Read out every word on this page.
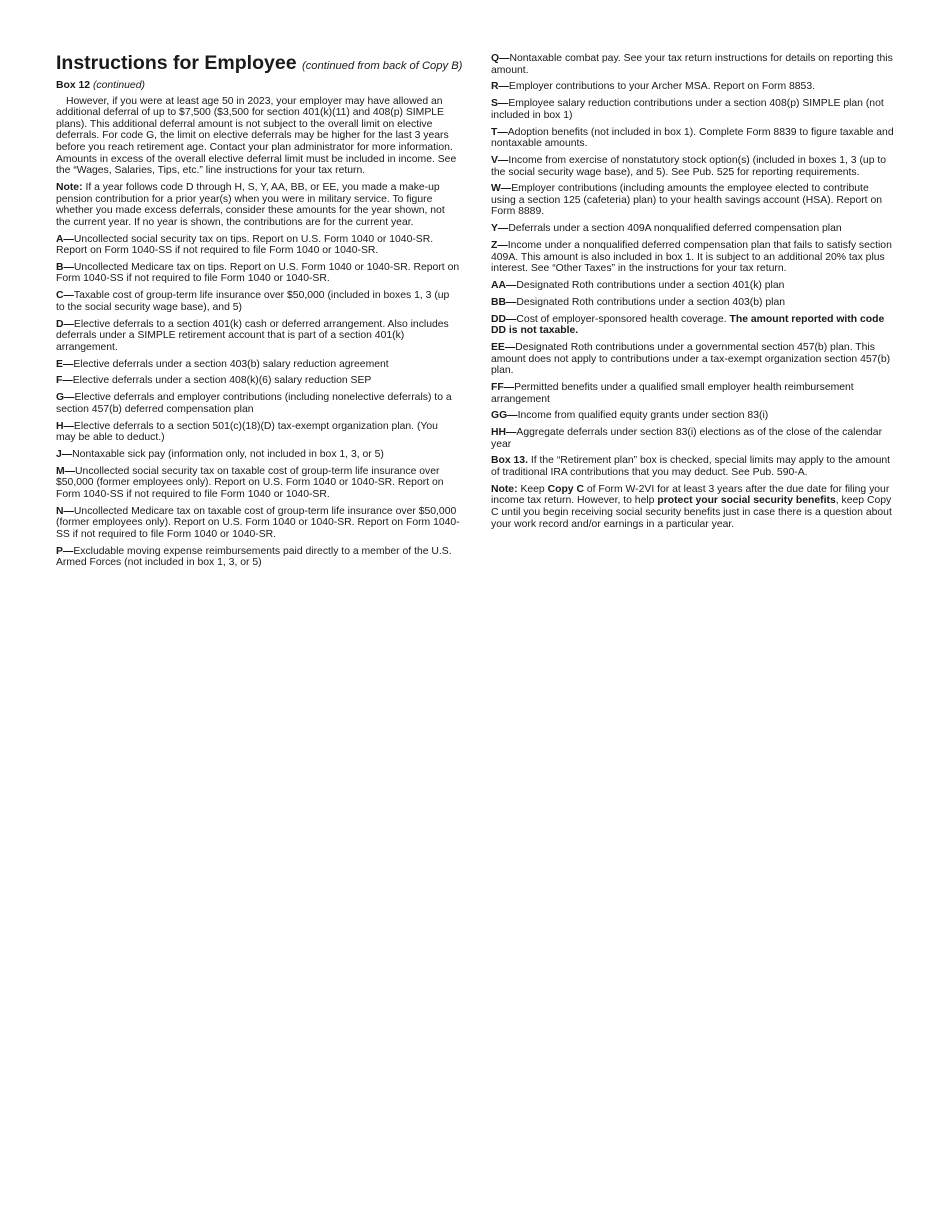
Instructions for Employee (continued from back of Copy B)
Box 12 (continued)

However, if you were at least age 50 in 2023, your employer may have allowed an additional deferral of up to $7,500 ($3,500 for section 401(k)(11) and 408(p) SIMPLE plans). This additional deferral amount is not subject to the overall limit on elective deferrals. For code G, the limit on elective deferrals may be higher for the last 3 years before you reach retirement age. Contact your plan administrator for more information. Amounts in excess of the overall elective deferral limit must be included in income. See the “Wages, Salaries, Tips, etc.” line instructions for your tax return.

Note: If a year follows code D through H, S, Y, AA, BB, or EE, you made a make-up pension contribution for a prior year(s) when you were in military service. To figure whether you made excess deferrals, consider these amounts for the year shown, not the current year. If no year is shown, the contributions are for the current year.

A—Uncollected social security tax on tips. Report on U.S. Form 1040 or 1040-SR. Report on Form 1040-SS if not required to file Form 1040 or 1040-SR.

B—Uncollected Medicare tax on tips. Report on U.S. Form 1040 or 1040-SR. Report on Form 1040-SS if not required to file Form 1040 or 1040-SR.

C—Taxable cost of group-term life insurance over $50,000 (included in boxes 1, 3 (up to the social security wage base), and 5)

D—Elective deferrals to a section 401(k) cash or deferred arrangement. Also includes deferrals under a SIMPLE retirement account that is part of a section 401(k) arrangement.

E—Elective deferrals under a section 403(b) salary reduction agreement

F—Elective deferrals under a section 408(k)(6) salary reduction SEP

G—Elective deferrals and employer contributions (including nonelective deferrals) to a section 457(b) deferred compensation plan

H—Elective deferrals to a section 501(c)(18)(D) tax-exempt organization plan. (You may be able to deduct.)

J—Nontaxable sick pay (information only, not included in box 1, 3, or 5)

M—Uncollected social security tax on taxable cost of group-term life insurance over $50,000 (former employees only). Report on U.S. Form 1040 or 1040-SR. Report on Form 1040-SS if not required to file Form 1040 or 1040-SR.

N—Uncollected Medicare tax on taxable cost of group-term life insurance over $50,000 (former employees only). Report on U.S. Form 1040 or 1040-SR. Report on Form 1040-SS if not required to file Form 1040 or 1040-SR.

P—Excludable moving expense reimbursements paid directly to a member of the U.S. Armed Forces (not included in box 1, 3, or 5)

Q—Nontaxable combat pay. See your tax return instructions for details on reporting this amount.

R—Employer contributions to your Archer MSA. Report on Form 8853.

S—Employee salary reduction contributions under a section 408(p) SIMPLE plan (not included in box 1)

T—Adoption benefits (not included in box 1). Complete Form 8839 to figure taxable and nontaxable amounts.

V—Income from exercise of nonstatutory stock option(s) (included in boxes 1, 3 (up to the social security wage base), and 5). See Pub. 525 for reporting requirements.

W—Employer contributions (including amounts the employee elected to contribute using a section 125 (cafeteria) plan) to your health savings account (HSA). Report on Form 8889.

Y—Deferrals under a section 409A nonqualified deferred compensation plan

Z—Income under a nonqualified deferred compensation plan that fails to satisfy section 409A. This amount is also included in box 1. It is subject to an additional 20% tax plus interest. See “Other Taxes” in the instructions for your tax return.

AA—Designated Roth contributions under a section 401(k) plan

BB—Designated Roth contributions under a section 403(b) plan

DD—Cost of employer-sponsored health coverage. The amount reported with code DD is not taxable.

EE—Designated Roth contributions under a governmental section 457(b) plan. This amount does not apply to contributions under a tax-exempt organization section 457(b) plan.

FF—Permitted benefits under a qualified small employer health reimbursement arrangement

GG—Income from qualified equity grants under section 83(i)

HH—Aggregate deferrals under section 83(i) elections as of the close of the calendar year

Box 13. If the “Retirement plan” box is checked, special limits may apply to the amount of traditional IRA contributions that you may deduct. See Pub. 590-A.

Note: Keep Copy C of Form W-2VI for at least 3 years after the due date for filing your income tax return. However, to help protect your social security benefits, keep Copy C until you begin receiving social security benefits just in case there is a question about your work record and/or earnings in a particular year.
